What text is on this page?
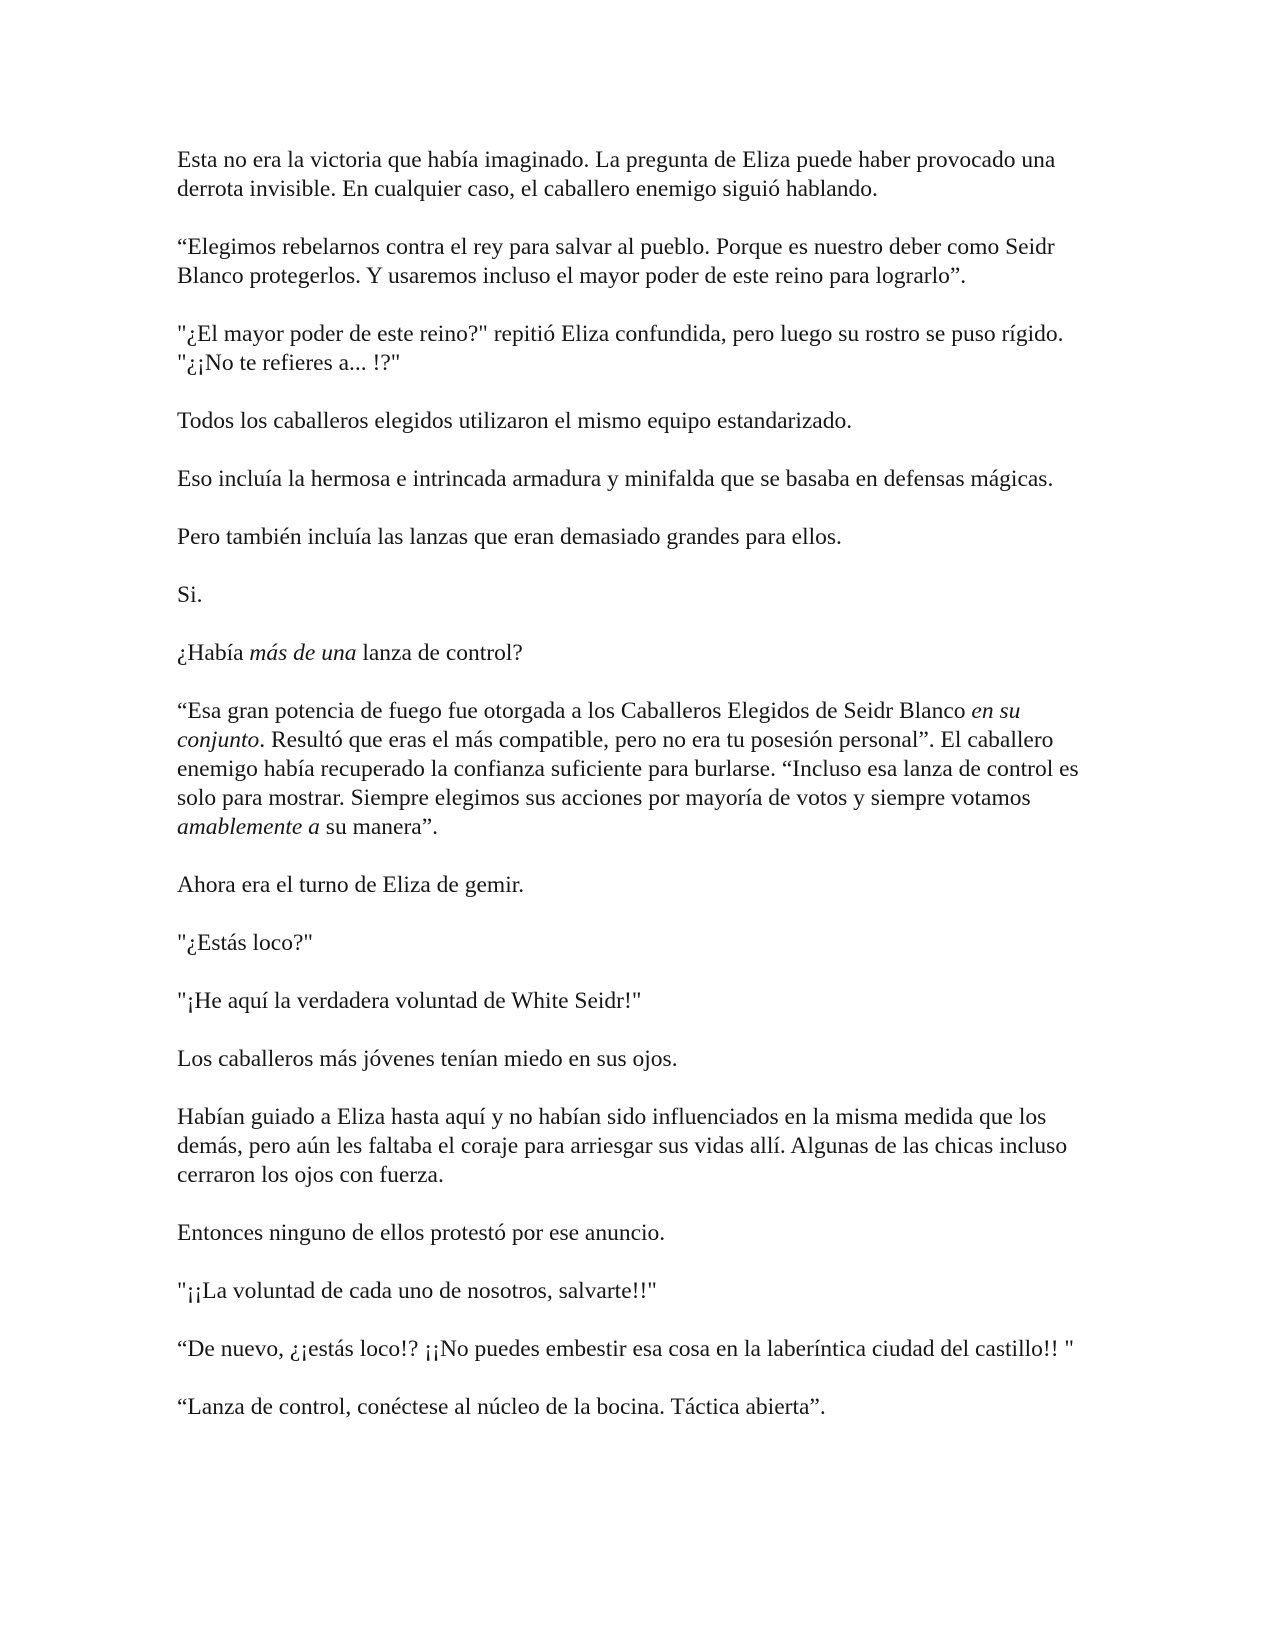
Esta no era la victoria que había imaginado. La pregunta de Eliza puede haber provocado una derrota invisible. En cualquier caso, el caballero enemigo siguió hablando.

“Elegimos rebelarnos contra el rey para salvar al pueblo. Porque es nuestro deber como Seidr Blanco protegerlos. Y usaremos incluso el mayor poder de este reino para lograrlo”.

"¿El mayor poder de este reino?" repitió Eliza confundida, pero luego su rostro se puso rígido. "¿¡No te refieres a... !?"

Todos los caballeros elegidos utilizaron el mismo equipo estandarizado.

Eso incluía la hermosa e intrincada armadura y minifalda que se basaba en defensas mágicas.

Pero también incluía las lanzas que eran demasiado grandes para ellos.

Si.

¿Había más de una lanza de control?

“Esa gran potencia de fuego fue otorgada a los Caballeros Elegidos de Seidr Blanco en su conjunto. Resultó que eras el más compatible, pero no era tu posesión personal”. El caballero enemigo había recuperado la confianza suficiente para burlarse. “Incluso esa lanza de control es solo para mostrar. Siempre elegimos sus acciones por mayoría de votos y siempre votamos amablemente a su manera”.

Ahora era el turno de Eliza de gemir.

"¿Estás loco?"

"¡He aquí la verdadera voluntad de White Seidr!"

Los caballeros más jóvenes tenían miedo en sus ojos.

Habían guiado a Eliza hasta aquí y no habían sido influenciados en la misma medida que los demás, pero aún les faltaba el coraje para arriesgar sus vidas allí. Algunas de las chicas incluso cerraron los ojos con fuerza.

Entonces ninguno de ellos protestó por ese anuncio.

"¡¡La voluntad de cada uno de nosotros, salvarte!!"

“De nuevo, ¿¡estás loco!? ¡¡No puedes embestir esa cosa en la laberíntica ciudad del castillo!! "

“Lanza de control, conéctese al núcleo de la bocina. Táctica abierta”.
